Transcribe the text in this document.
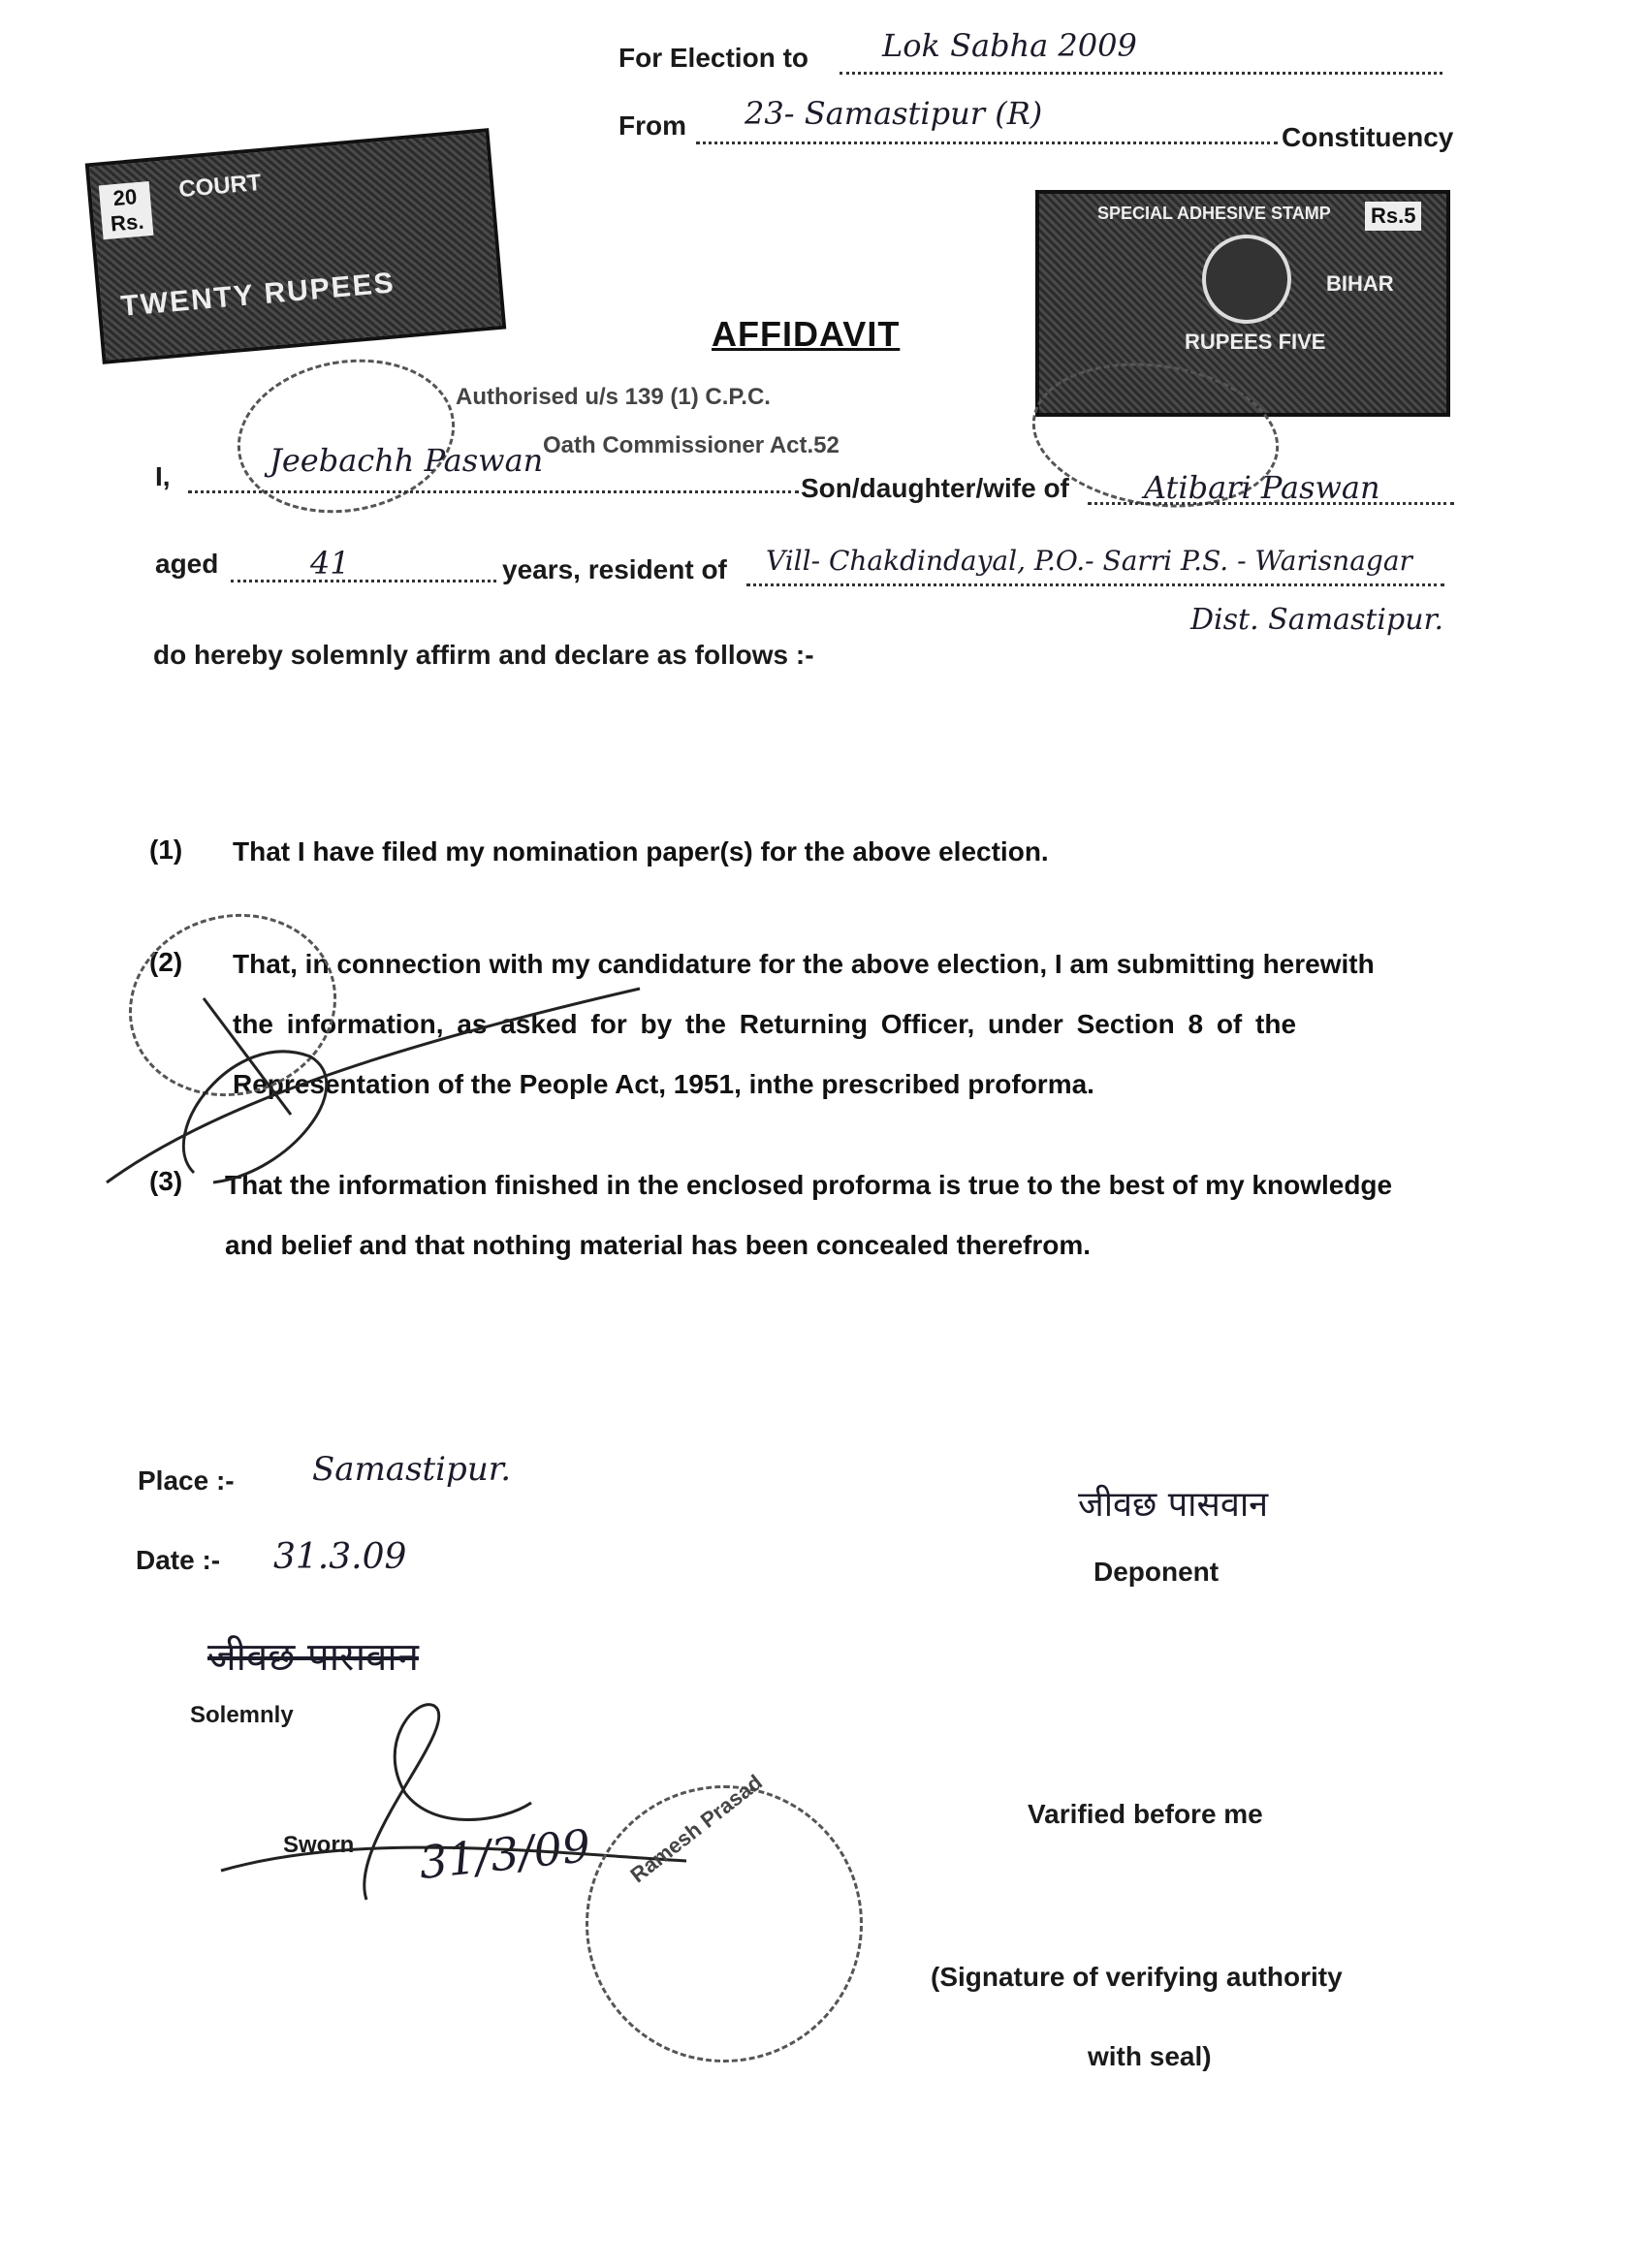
For Election to Lok Sabha 2009
From 23- Samastipur (R)
Constituency
20 Rs.
COURT
TWENTY RUPEES
SPECIAL ADHESIVE STAMP Rs.5
BIHAR
RUPEES FIVE
AFFIDAVIT
Authorised u/s 139 (1) C.P.C.
Oath Commissioner Act.52
I,	Jeebachh Paswan
Son/daughter/wife of Atibari Paswan
aged	41	years, resident of Vill- Chakdindayal, P.O.- Sarri P.S. - Warisnagar
Dist. Samastipur.
do hereby solemnly affirm and declare as follows :-
(1) That I have filed my nomination paper(s) for the above election.
(2) That, in connection with my candidature for the above election, I am submitting herewith
the information, as asked for by the Returning Officer, under Section 8 of the
Representation of the People Act, 1951, inthe prescribed proforma.
(3) That the information finished in the enclosed proforma is true to the best of my knowledge
and belief and that nothing material has been concealed therefrom.
Place :- Samastipur.
Date :- 31.3.09
जीवछ पासवान
Deponent
जीवछ पासवान
Solemnly
Sworn 31/3/09 Ramesh Prasad	Varified before me
(Signature of verifying authority
with seal)
